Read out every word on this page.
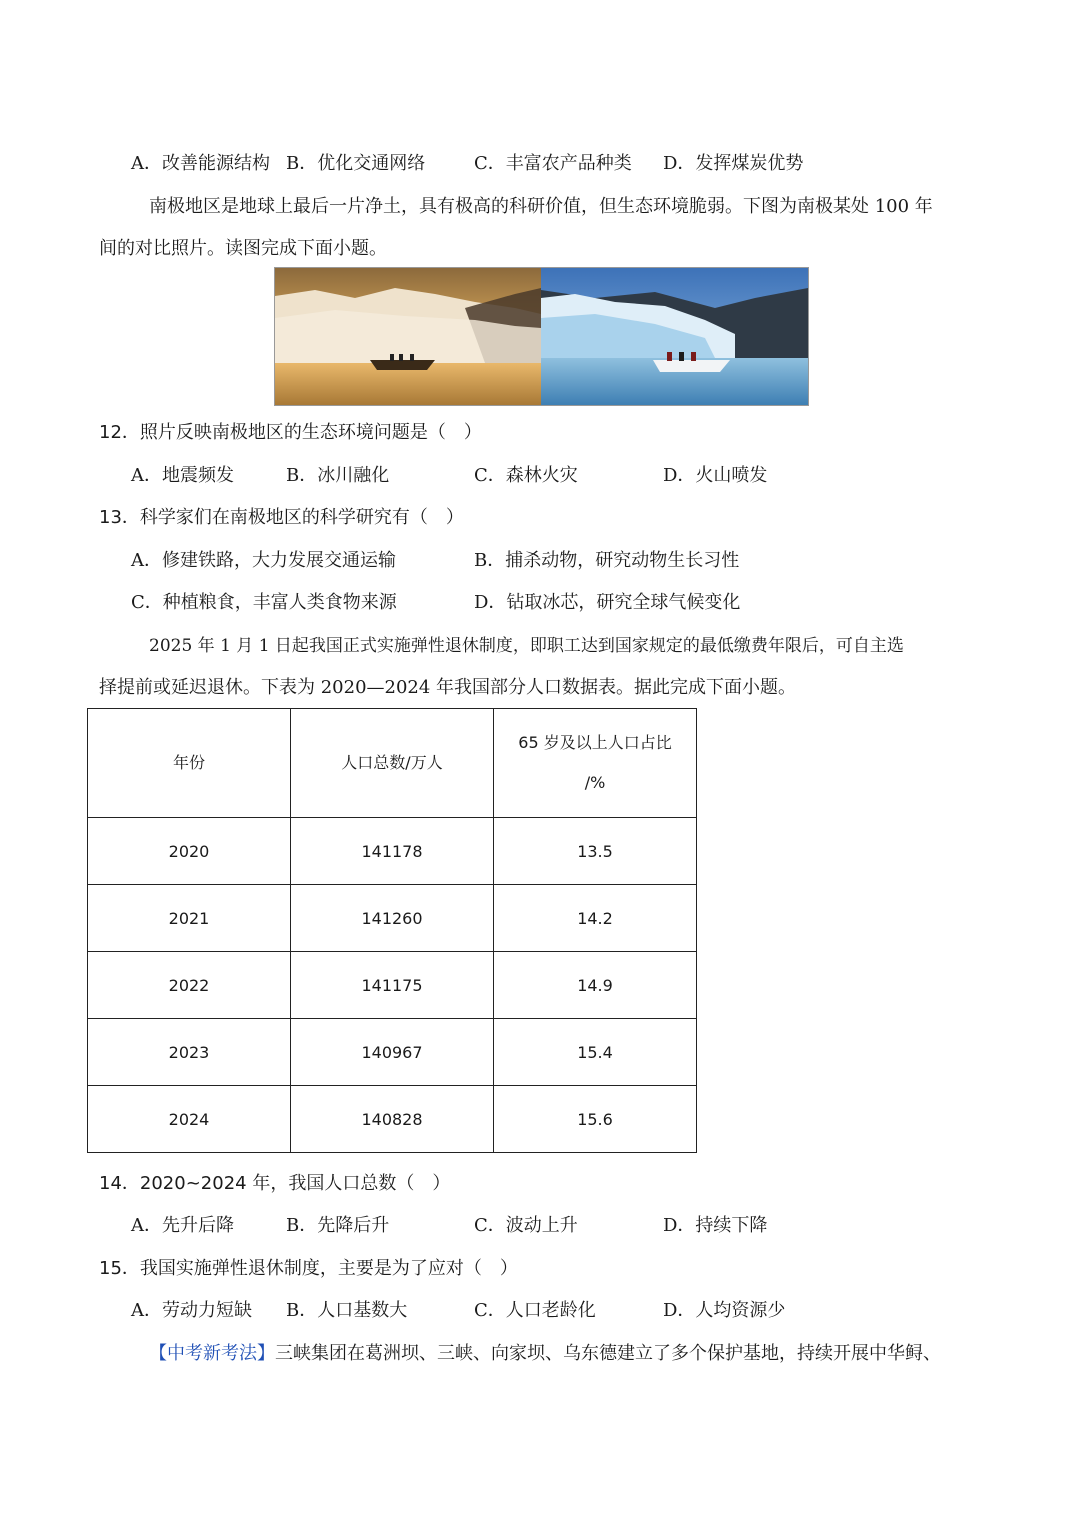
A．改善能源结构 B．优化交通网络	C．丰富农产品种类 D．发挥煤炭优势
南极地区是地球上最后一片净土，具有极高的科研价值，但生态环境脆弱。下图为南极某处 100 年
间的对比照片。读图完成下面小题。
12．照片反映南极地区的生态环境问题是（　）
A．地震频发	B．冰川融化	C．森林火灾	D．火山喷发
13．科学家们在南极地区的科学研究有（　）
A．修建铁路，大力发展交通运输	B．捕杀动物，研究动物生长习性
C．种植粮食，丰富人类食物来源	D．钻取冰芯，研究全球气候变化
2025 年 1 月 1 日起我国正式实施弹性退休制度，即职工达到国家规定的最低缴费年限后，可自主选
择提前或延迟退休。下表为 2020—2024 年我国部分人口数据表。据此完成下面小题。
年份	人口总数/万人	65 岁及以上人口占比
/%
2020	141178	13.5
2021	141260	14.2
2022	141175	14.9
2023	140967	15.4
2024	140828	15.6
14．2020~2024 年，我国人口总数（　）
A．先升后降	B．先降后升	C．波动上升	D．持续下降
15．我国实施弹性退休制度，主要是为了应对（　）
A．劳动力短缺 B．人口基数大	C．人口老龄化	D．人均资源少
【中考新考法】三峡集团在葛洲坝、三峡、向家坝、乌东德建立了多个保护基地，持续开展中华鲟、
